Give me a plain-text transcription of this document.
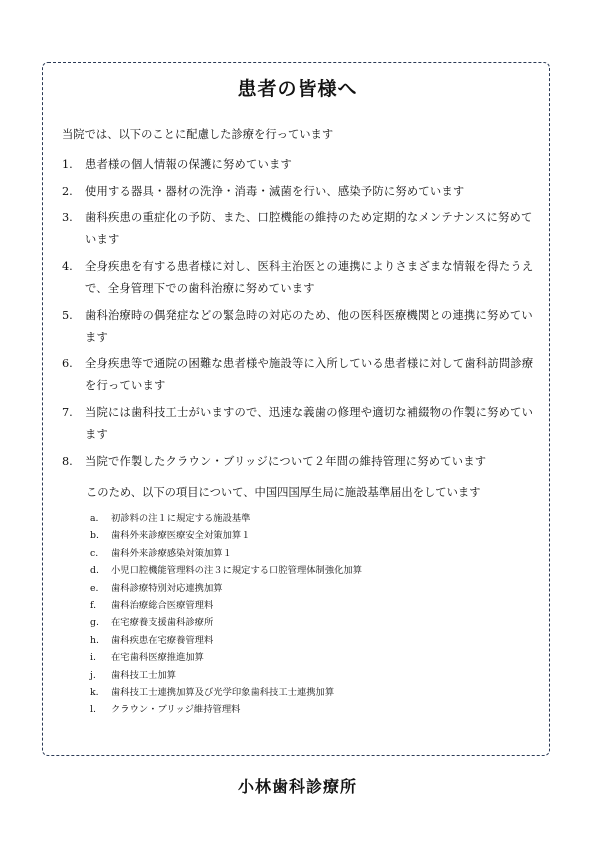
患者の皆様へ
当院では、以下のことに配慮した診療を行っています
1.	患者様の個人情報の保護に努めています
2.	使用する器具・器材の洗浄・消毒・滅菌を行い、感染予防に努めています
3.	歯科疾患の重症化の予防、また、口腔機能の維持のため定期的なメンテナンスに努めています
4.	全身疾患を有する患者様に対し、医科主治医との連携によりさまざまな情報を得たうえで、全身管理下での歯科治療に努めています
5.	歯科治療時の偶発症などの緊急時の対応のため、他の医科医療機関との連携に努めています
6.	全身疾患等で通院の困難な患者様や施設等に入所している患者様に対して歯科訪問診療を行っています
7.	当院には歯科技工士がいますので、迅速な義歯の修理や適切な補綴物の作製に努めています
8.	当院で作製したクラウン・ブリッジについて２年間の維持管理に努めています
このため、以下の項目について、中国四国厚生局に施設基準届出をしています
a.	初診料の注１に規定する施設基準
b.	歯科外来診療医療安全対策加算１
c.	歯科外来診療感染対策加算１
d.	小児口腔機能管理料の注３に規定する口腔管理体制強化加算
e.	歯科診療特別対応連携加算
f.	歯科治療総合医療管理料
g.	在宅療養支援歯科診療所
h.	歯科疾患在宅療養管理料
i.	在宅歯科医療推進加算
j.	歯科技工士加算
k.	歯科技工士連携加算及び光学印象歯科技工士連携加算
l.	クラウン・ブリッジ維持管理料
小林歯科診療所
